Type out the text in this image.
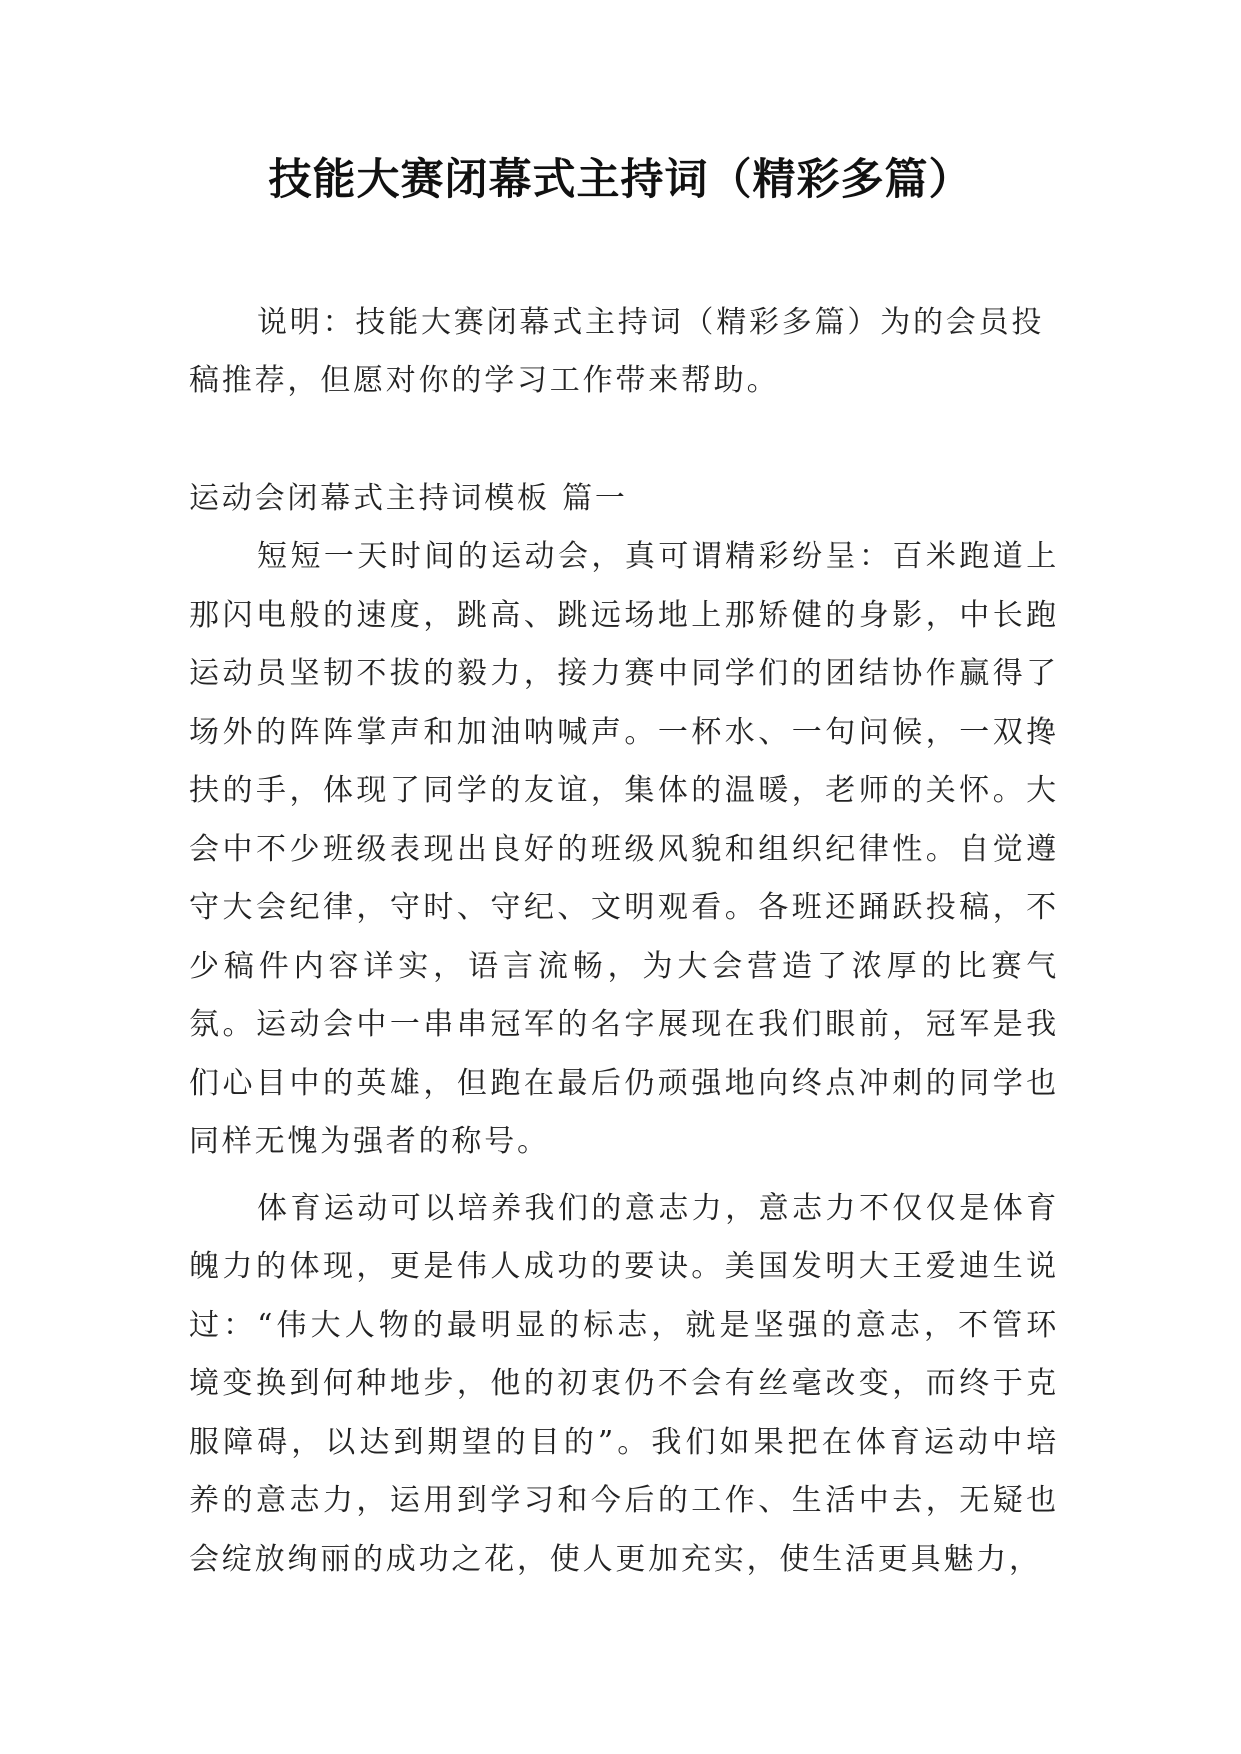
技能大赛闭幕式主持词（精彩多篇）

说明：技能大赛闭幕式主持词（精彩多篇）为的会员投稿推荐，但愿对你的学习工作带来帮助。

运动会闭幕式主持词模板 篇一

短短一天时间的运动会，真可谓精彩纷呈：百米跑道上那闪电般的速度，跳高、跳远场地上那矫健的身影，中长跑运动员坚韧不拔的毅力，接力赛中同学们的团结协作赢得了场外的阵阵掌声和加油呐喊声。一杯水、一句问候，一双搀扶的手，体现了同学的友谊，集体的温暖，老师的关怀。大会中不少班级表现出良好的班级风貌和组织纪律性。自觉遵守大会纪律，守时、守纪、文明观看。各班还踊跃投稿，不少稿件内容详实，语言流畅，为大会营造了浓厚的比赛气氛。运动会中一串串冠军的名字展现在我们眼前，冠军是我们心目中的英雄，但跑在最后仍顽强地向终点冲刺的同学也同样无愧为强者的称号。

体育运动可以培养我们的意志力，意志力不仅仅是体育魄力的体现，更是伟人成功的要诀。美国发明大王爱迪生说过：“伟大人物的最明显的标志，就是坚强的意志，不管环境变换到何种地步，他的初衷仍不会有丝毫改变，而终于克服障碍，以达到期望的目的”。我们如果把在体育运动中培养的意志力，运用到学习和今后的工作、生活中去，无疑也会绽放绚丽的成功之花，使人更加充实，使生活更具魅力，
